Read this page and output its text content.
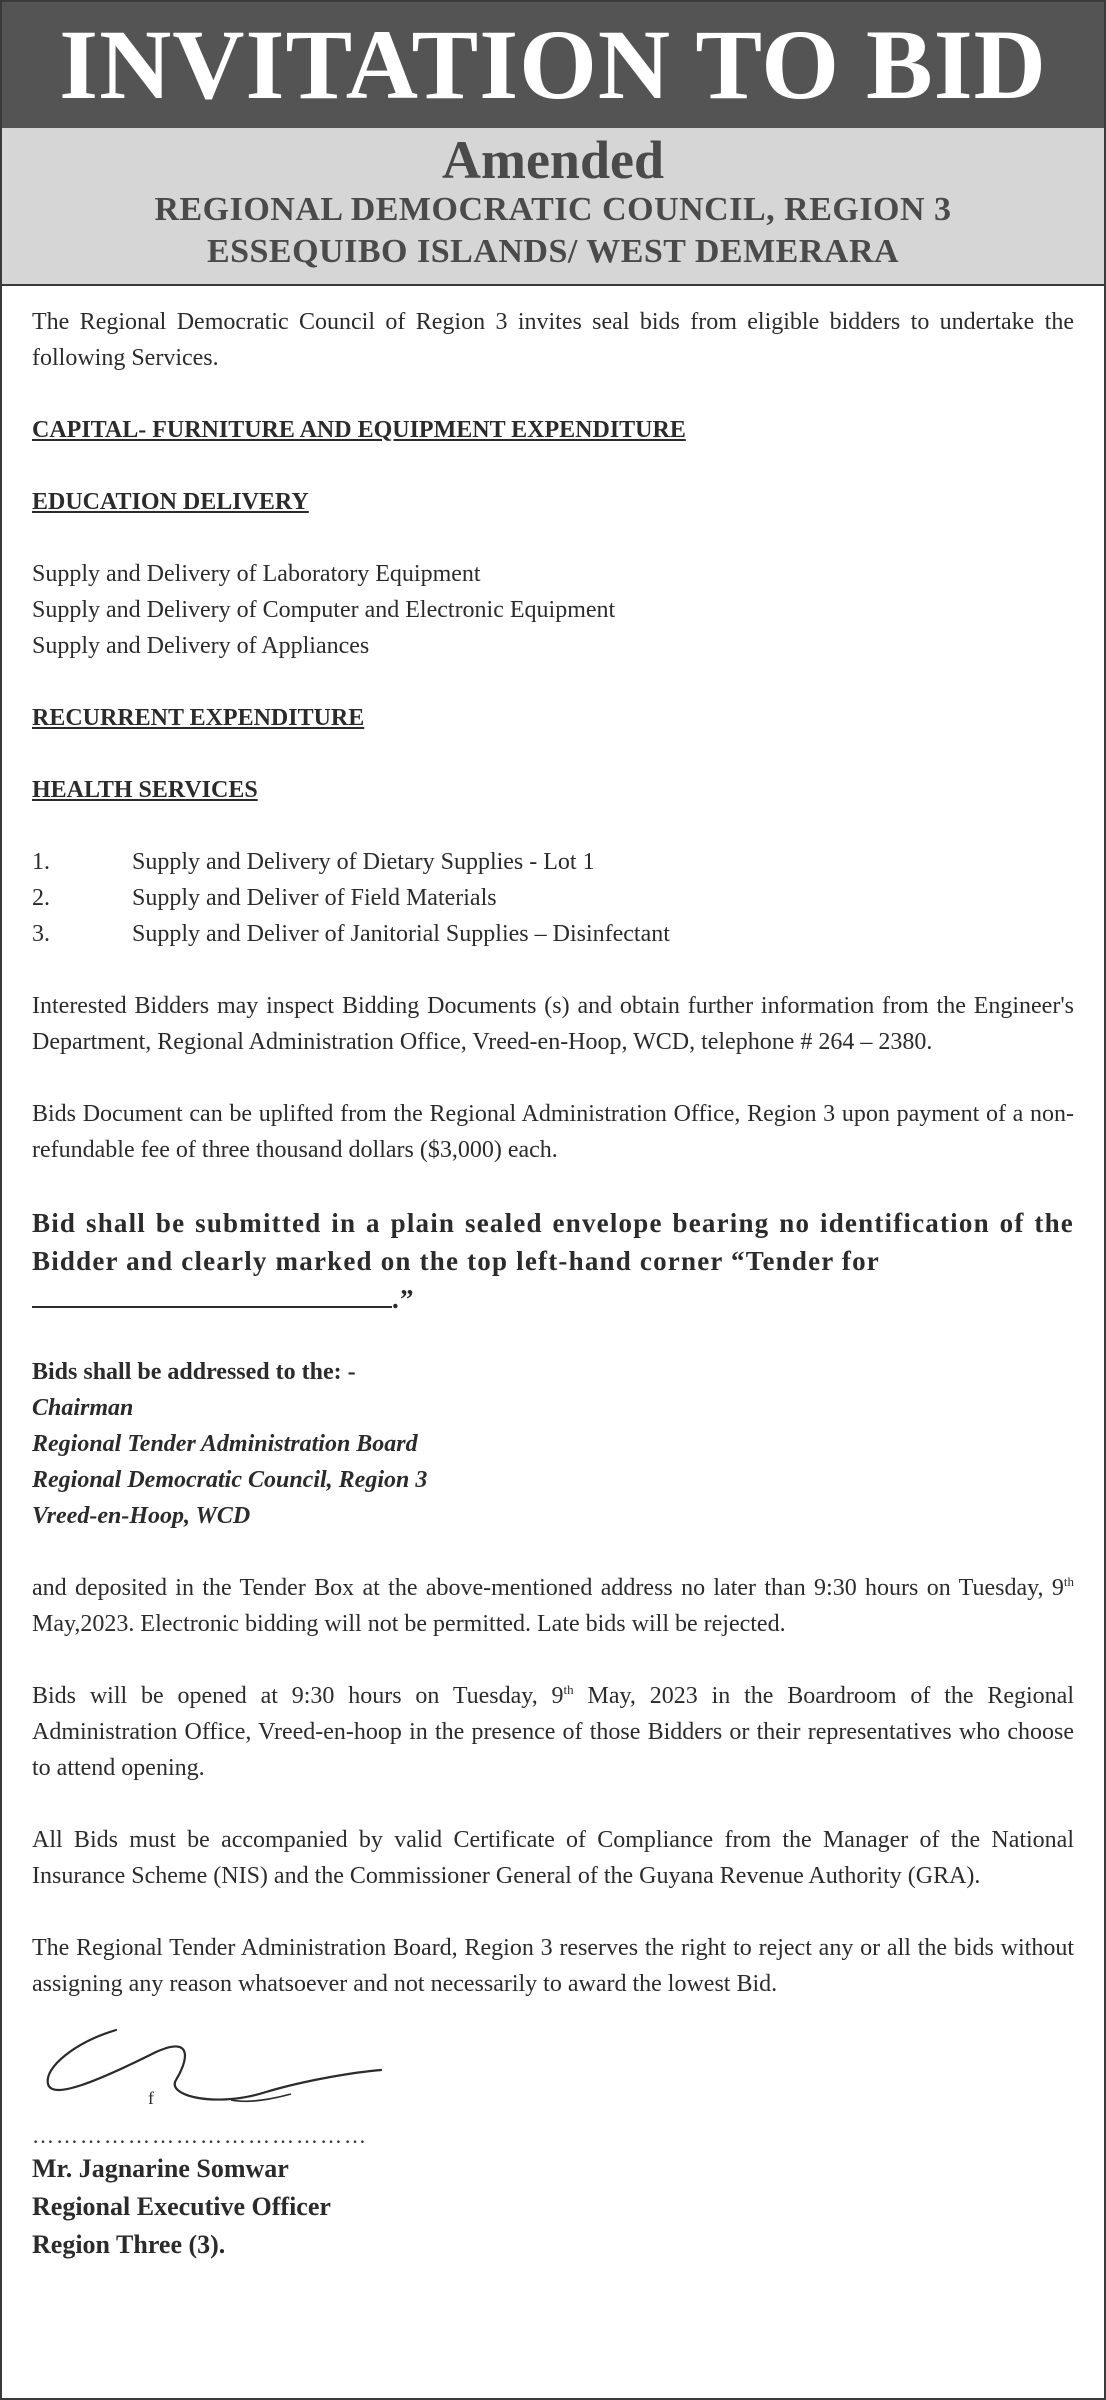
INVITATION TO BID
Amended
REGIONAL DEMOCRATIC COUNCIL, REGION 3
ESSEQUIBO ISLANDS/ WEST DEMERARA

The Regional Democratic Council of Region 3 invites seal bids from eligible bidders to undertake the following Services.

CAPITAL- FURNITURE AND EQUIPMENT EXPENDITURE
EDUCATION DELIVERY
Supply and Delivery of Laboratory Equipment
Supply and Delivery of Computer and Electronic Equipment
Supply and Delivery of Appliances
RECURRENT EXPENDITURE
HEALTH SERVICES
1.	Supply and Delivery of Dietary Supplies - Lot 1
2.	Supply and Deliver of Field Materials
3.	Supply and Deliver of Janitorial Supplies – Disinfectant

Interested Bidders may inspect Bidding Documents (s) and obtain further information from the Engineer's Department, Regional Administration Office, Vreed-en-Hoop, WCD, telephone # 264 – 2380.

Bids Document can be uplifted from the Regional Administration Office, Region 3 upon payment of a non-refundable fee of three thousand dollars ($3,000) each.

Bid shall be submitted in a plain sealed envelope bearing no identification of the Bidder and clearly marked on the top left-hand corner “Tender for
.”
Bids shall be addressed to the: -
Chairman
Regional Tender Administration Board
Regional Democratic Council, Region 3
Vreed-en-Hoop, WCD

and deposited in the Tender Box at the above-mentioned address no later than 9:30 hours on Tuesday, 9th May,2023. Electronic bidding will not be permitted. Late bids will be rejected.

Bids will be opened at 9:30 hours on Tuesday, 9th May, 2023 in the Boardroom of the Regional Administration Office, Vreed-en-hoop in the presence of those Bidders or their representatives who choose to attend opening.

All Bids must be accompanied by valid Certificate of Compliance from the Manager of the National Insurance Scheme (NIS) and the Commissioner General of the Guyana Revenue Authority (GRA).

The Regional Tender Administration Board, Region 3 reserves the right to reject any or all the bids without assigning any reason whatsoever and not necessarily to award the lowest Bid.

f
……………………………………
Mr. Jagnarine Somwar
Regional Executive Officer
Region Three (3).
